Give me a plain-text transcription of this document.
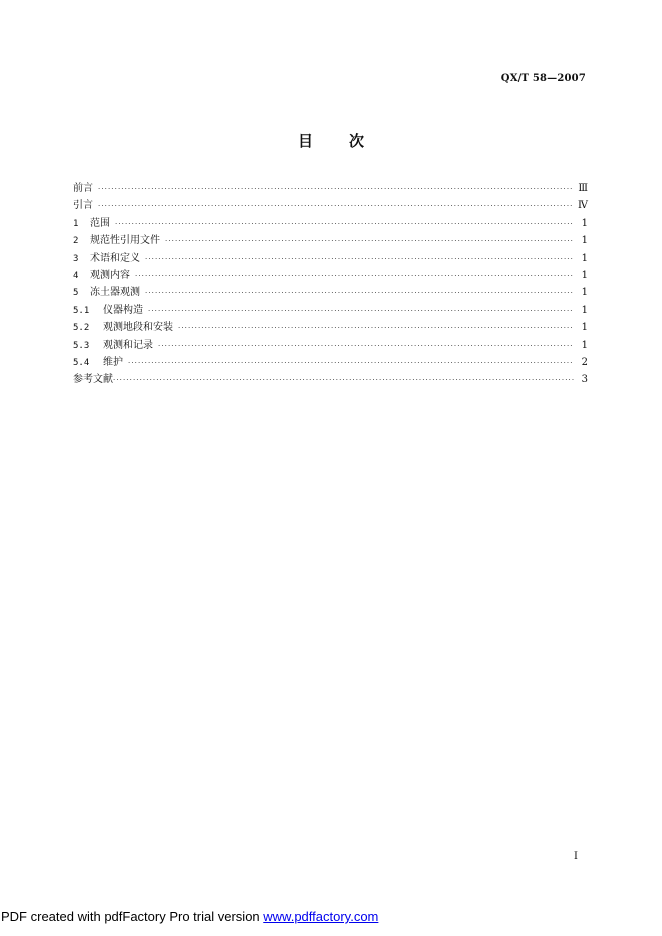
QX/T 58—2007
目次
前言 ·····	Ⅲ
引言 ·····	Ⅳ
1 范围 ·····	1
2 规范性引用文件 ·····	1
3 术语和定义 ·····	1
4 观测内容 ·····	1
5 冻土器观测 ·····	1
5.1 仪器构造 ·····	1
5.2 观测地段和安装 ·····	1
5.3 观测和记录 ·····	1
5.4 维护 ·····	2
参考文献 ·····	3
I
PDF created with pdfFactory Pro trial version www.pdffactory.com
